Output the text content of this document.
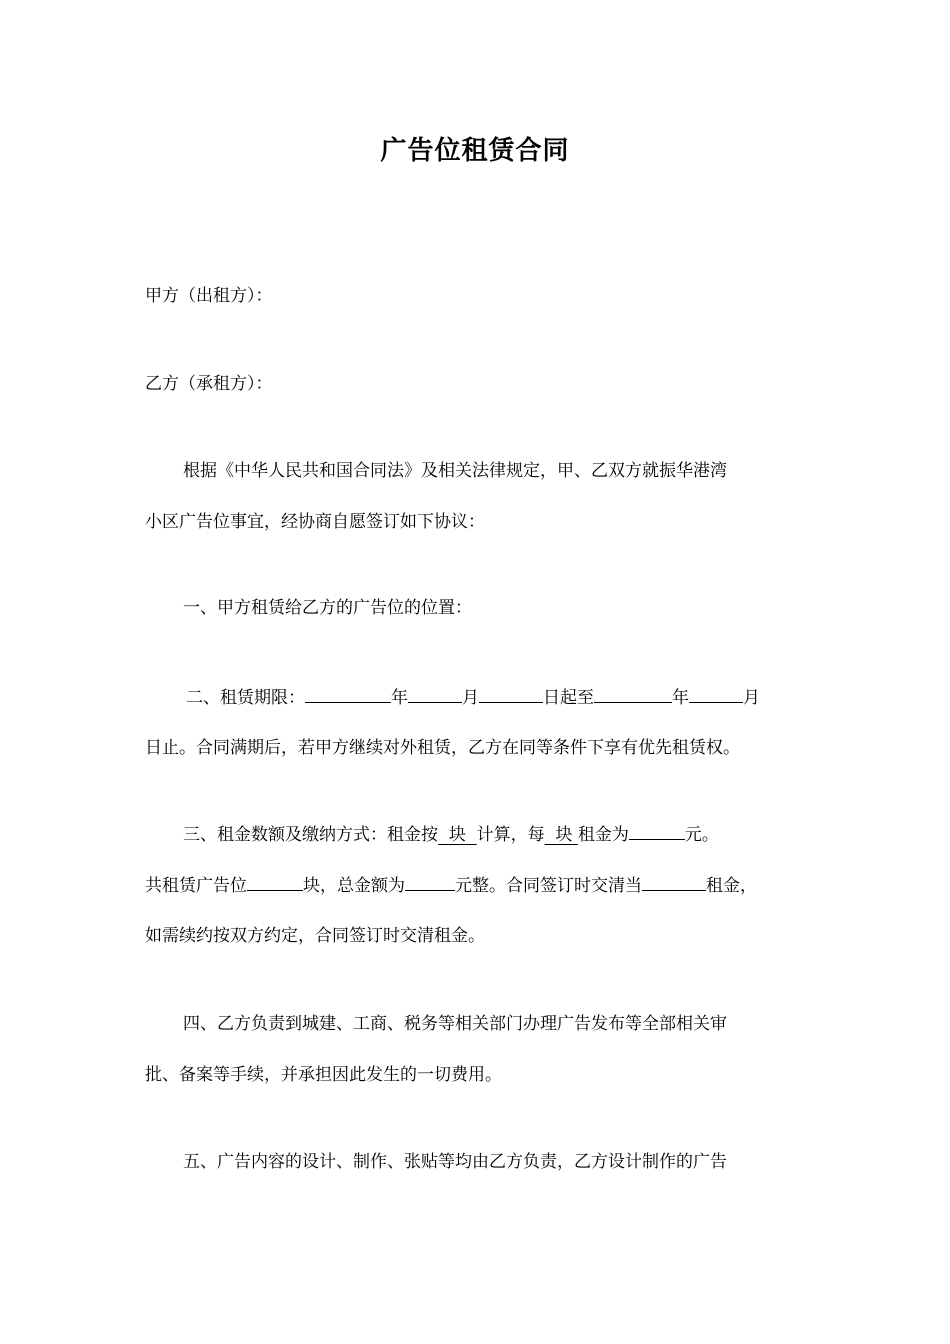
广告位租赁合同
甲方（出租方）：
乙方（承租方）：
根据《中华人民共和国合同法》及相关法律规定，甲、乙双方就振华港湾
小区广告位事宜，经协商自愿签订如下协议：
一、甲方租赁给乙方的广告位的位置：
二、租赁期限：	年	月	日起至	年	月
日止。合同满期后，若甲方继续对外租赁，乙方在同等条件下享有优先租赁权。
三、租金数额及缴纳方式：租金按 块 计算，每 块 租金为	元。
共租赁广告位	块，总金额为	元整。合同签订时交清当	租金，
如需续约按双方约定，合同签订时交清租金。
四、乙方负责到城建、工商、税务等相关部门办理广告发布等全部相关审
批、备案等手续，并承担因此发生的一切费用。
五、广告内容的设计、制作、张贴等均由乙方负责，乙方设计制作的广告
